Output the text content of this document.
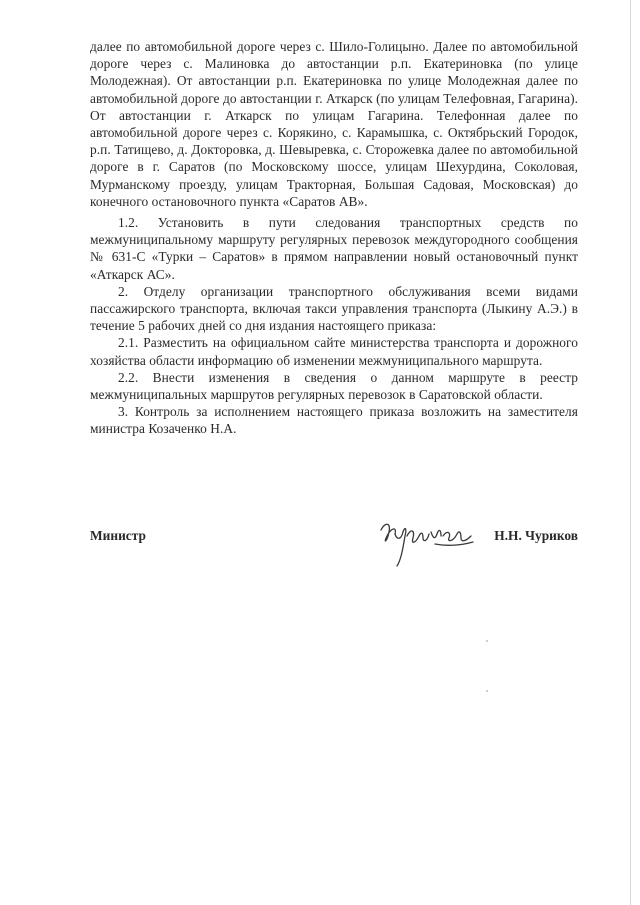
далее по автомобильной дороге через с. Шило-Голицыно. Далее по автомобильной дороге через с. Малиновка до автостанции р.п. Екатериновка (по улице Молодежная). От автостанции р.п. Екатериновка по улице Молодежная далее по автомобильной дороге до автостанции г. Аткарск (по улицам Телефовная, Гагарина). От автостанции г. Аткарск по улицам Гагарина. Телефонная далее по автомобильной дороге через с. Корякино, с. Карамышка, с. Октябрьский Городок, р.п. Татищево, д. Докторовка, д. Шевыревка, с. Сторожевка далее по автомобильной дороге в г. Саратов (по Московскому шоссе, улицам Шехурдина, Соколовая, Мурманскому проезду, улицам Тракторная, Большая Садовая, Московская) до конечного остановочного пункта «Саратов АВ».

1.2. Установить в пути следования транспортных средств по межмуниципальному маршруту регулярных перевозок междугородного сообщения № 631-С «Турки – Саратов» в прямом направлении новый остановочный пункт «Аткарск АС».

2. Отделу организации транспортного обслуживания всеми видами пассажирского транспорта, включая такси управления транспорта (Лыкину А.Э.) в течение 5 рабочих дней со дня издания настоящего приказа:

2.1. Разместить на официальном сайте министерства транспорта и дорожного хозяйства области информацию об изменении межмуниципального маршрута.

2.2. Внести изменения в сведения о данном маршруте в реестр межмуниципальных маршрутов регулярных перевозок в Саратовской области.

3. Контроль за исполнением настоящего приказа возложить на заместителя министра Козаченко Н.А.

Министр	Н.Н. Чуриков
